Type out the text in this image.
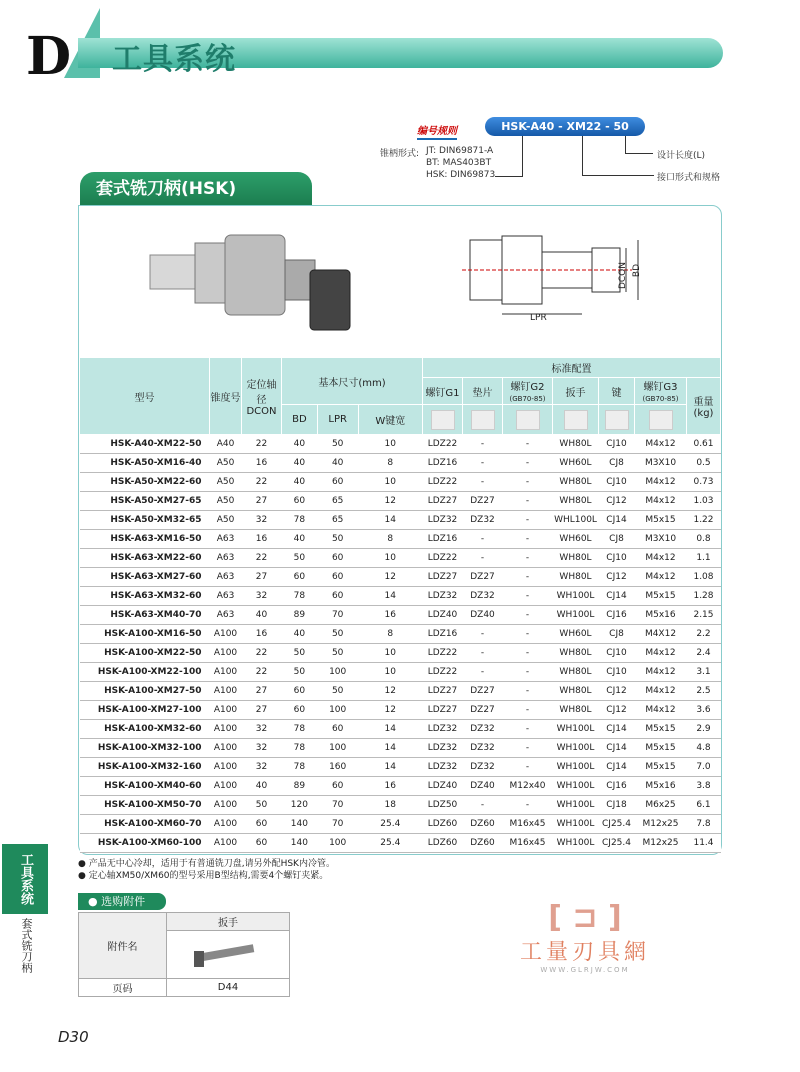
D 工具系统
编号规则	HSK-A40 - XM22 - 50
锥柄形式: JT: DIN69871-A
BT: MAS403BT
HSK: DIN69873
设计长度(L)
接口形式和规格
套式铣刀柄(HSK)
LPR
DCON BD
型号	锥度号	定位轴径DCON	基本尺寸(mm)			标准配置						
						螺钉G1	垫片	螺钉G2
(GB70-85)	扳手	键	螺钉G3
(GB70-85)	重量(kg)
			BD	LPR	W键宽							
HSK-A40-XM22-50	A40	22	40	50	10	LDZ22	-	-	WH80L	CJ10	M4x12	0.61
HSK-A50-XM16-40	A50	16	40	40	8	LDZ16	-	-	WH60L	CJ8	M3X10	0.5
HSK-A50-XM22-60	A50	22	40	60	10	LDZ22	-	-	WH80L	CJ10	M4x12	0.73
HSK-A50-XM27-65	A50	27	60	65	12	LDZ27	DZ27	-	WH80L	CJ12	M4x12	1.03
HSK-A50-XM32-65	A50	32	78	65	14	LDZ32	DZ32	-	WHL100L	CJ14	M5x15	1.22
HSK-A63-XM16-50	A63	16	40	50	8	LDZ16	-	-	WH60L	CJ8	M3X10	0.8
HSK-A63-XM22-60	A63	22	50	60	10	LDZ22	-	-	WH80L	CJ10	M4x12	1.1
HSK-A63-XM27-60	A63	27	60	60	12	LDZ27	DZ27	-	WH80L	CJ12	M4x12	1.08
HSK-A63-XM32-60	A63	32	78	60	14	LDZ32	DZ32	-	WH100L	CJ14	M5x15	1.28
HSK-A63-XM40-70	A63	40	89	70	16	LDZ40	DZ40	-	WH100L	CJ16	M5x16	2.15
HSK-A100-XM16-50	A100	16	40	50	8	LDZ16	-	-	WH60L	CJ8	M4X12	2.2
HSK-A100-XM22-50	A100	22	50	50	10	LDZ22	-	-	WH80L	CJ10	M4x12	2.4
HSK-A100-XM22-100	A100	22	50	100	10	LDZ22	-	-	WH80L	CJ10	M4x12	3.1
HSK-A100-XM27-50	A100	27	60	50	12	LDZ27	DZ27	-	WH80L	CJ12	M4x12	2.5
HSK-A100-XM27-100	A100	27	60	100	12	LDZ27	DZ27	-	WH80L	CJ12	M4x12	3.6
HSK-A100-XM32-60	A100	32	78	60	14	LDZ32	DZ32	-	WH100L	CJ14	M5x15	2.9
HSK-A100-XM32-100	A100	32	78	100	14	LDZ32	DZ32	-	WH100L	CJ14	M5x15	4.8
HSK-A100-XM32-160	A100	32	78	160	14	LDZ32	DZ32	-	WH100L	CJ14	M5x15	7.0
HSK-A100-XM40-60	A100	40	89	60	16	LDZ40	DZ40	M12x40	WH100L	CJ16	M5x16	3.8
HSK-A100-XM50-70	A100	50	120	70	18	LDZ50	-	-	WH100L	CJ18	M6x25	6.1
HSK-A100-XM60-70	A100	60	140	70	25.4	LDZ60	DZ60	M16x45	WH100L	CJ25.4	M12x25	7.8
HSK-A100-XM60-100	A100	60	140	100	25.4	LDZ60	DZ60	M16x45	WH100L	CJ25.4	M12x25	11.4
● 产品无中心冷却，适用于有普通铣刀盘,请另外配HSK内冷管。
● 定心轴XM50/XM60的型号采用B型结构,需要4个螺钉夹紧。
● 选购附件
附件名	扳手

页码	D44
工具系统
套式铣刀柄
D30
[ ⊐ ]
工量刃具網
WWW.GLRJW.COM
